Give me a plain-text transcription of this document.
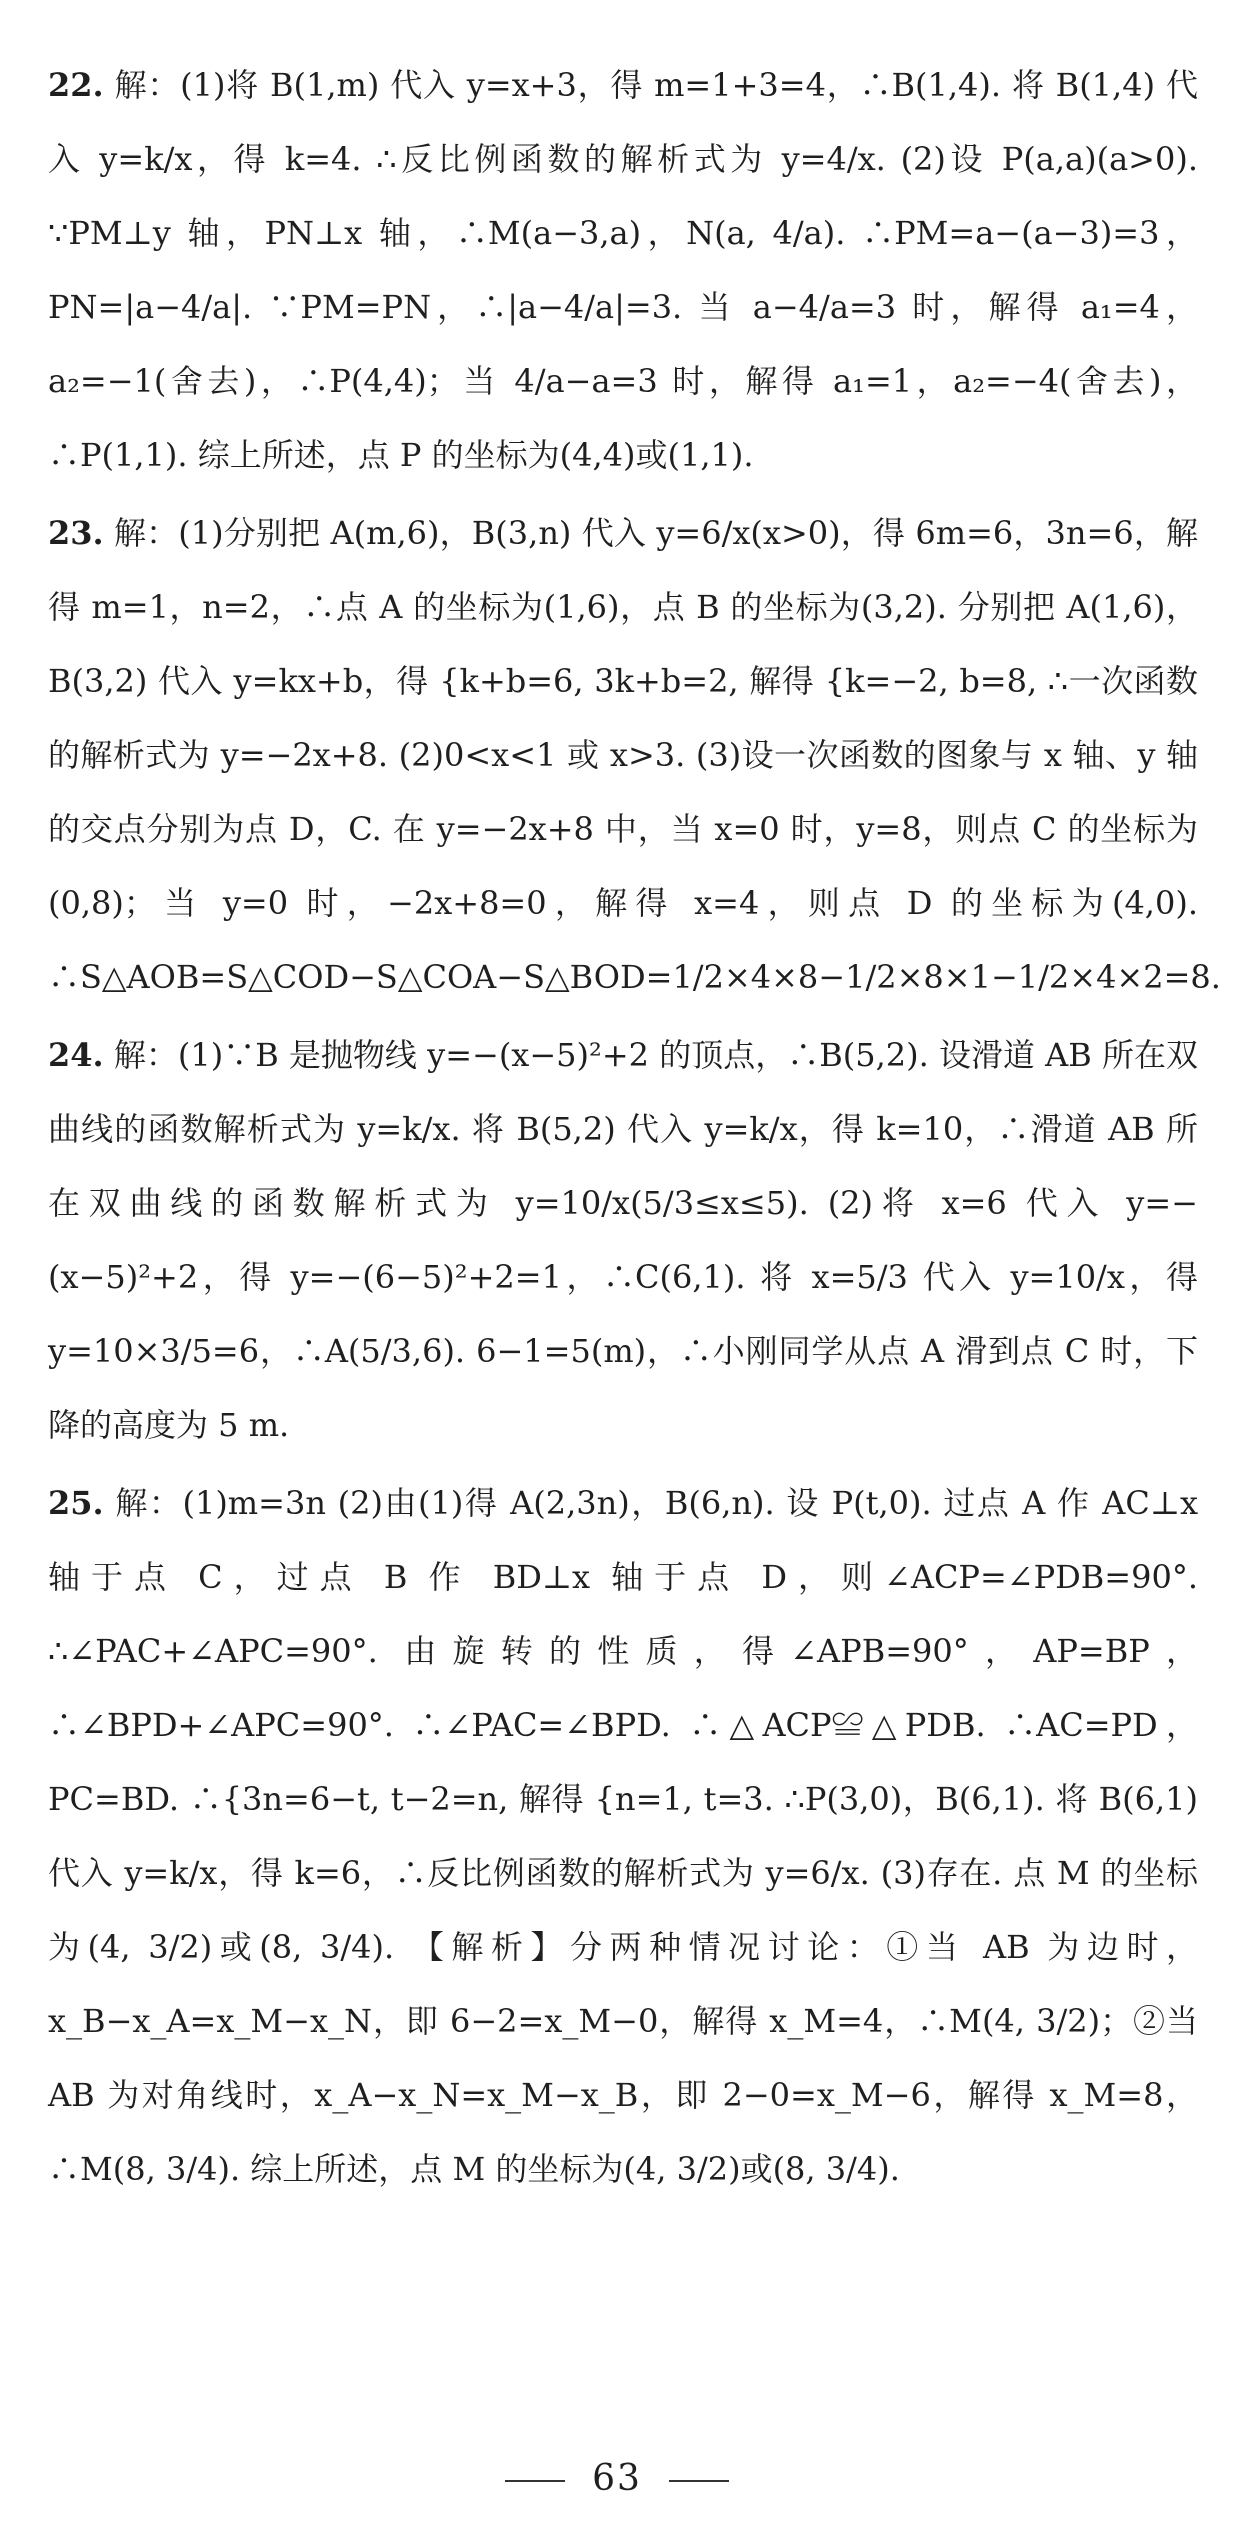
22. 解：(1)将 B(1,m) 代入 y=x+3，得 m=1+3=4，∴B(1,4). 将 B(1,4) 代入 y=k/x，得 k=4. ∴反比例函数的解析式为 y=4/x. (2)设 P(a,a)(a>0). ∵PM⊥y 轴，PN⊥x 轴，∴M(a−3,a)，N(a, 4/a). ∴PM=a−(a−3)=3，PN=|a−4/a|. ∵PM=PN，∴|a−4/a|=3. 当 a−4/a=3 时，解得 a₁=4，a₂=−1(舍去)，∴P(4,4)；当 4/a−a=3 时，解得 a₁=1，a₂=−4(舍去)，∴P(1,1). 综上所述，点 P 的坐标为(4,4)或(1,1).
23. 解：(1)分别把 A(m,6)，B(3,n) 代入 y=6/x(x>0)，得 6m=6，3n=6，解得 m=1，n=2，∴点 A 的坐标为(1,6)，点 B 的坐标为(3,2). 分别把 A(1,6)，B(3,2) 代入 y=kx+b，得 {k+b=6, 3k+b=2, 解得 {k=−2, b=8, ∴一次函数的解析式为 y=−2x+8. (2)0<x<1 或 x>3. (3)设一次函数的图象与 x 轴、y 轴的交点分别为点 D，C. 在 y=−2x+8 中，当 x=0 时，y=8，则点 C 的坐标为(0,8)；当 y=0 时，−2x+8=0，解得 x=4，则点 D 的坐标为(4,0). ∴S△AOB=S△COD−S△COA−S△BOD=1/2×4×8−1/2×8×1−1/2×4×2=8.
24. 解：(1)∵B 是抛物线 y=−(x−5)²+2 的顶点，∴B(5,2). 设滑道 AB 所在双曲线的函数解析式为 y=k/x. 将 B(5,2) 代入 y=k/x，得 k=10，∴滑道 AB 所在双曲线的函数解析式为 y=10/x(5/3≤x≤5). (2)将 x=6 代入 y=−(x−5)²+2，得 y=−(6−5)²+2=1，∴C(6,1). 将 x=5/3 代入 y=10/x，得 y=10×3/5=6，∴A(5/3,6). 6−1=5(m)，∴小刚同学从点 A 滑到点 C 时，下降的高度为 5 m.
25. 解：(1)m=3n (2)由(1)得 A(2,3n)，B(6,n). 设 P(t,0). 过点 A 作 AC⊥x 轴于点 C，过点 B 作 BD⊥x 轴于点 D，则∠ACP=∠PDB=90°. ∴∠PAC+∠APC=90°. 由旋转的性质，得∠APB=90°，AP=BP，∴∠BPD+∠APC=90°. ∴∠PAC=∠BPD. ∴△ACP≌△PDB. ∴AC=PD，PC=BD. ∴{3n=6−t, t−2=n, 解得 {n=1, t=3. ∴P(3,0)，B(6,1). 将 B(6,1) 代入 y=k/x，得 k=6，∴反比例函数的解析式为 y=6/x. (3)存在. 点 M 的坐标为(4, 3/2)或(8, 3/4). 【解析】分两种情况讨论：①当 AB 为边时，x_B−x_A=x_M−x_N，即 6−2=x_M−0，解得 x_M=4，∴M(4, 3/2)；②当 AB 为对角线时，x_A−x_N=x_M−x_B，即 2−0=x_M−6，解得 x_M=8，∴M(8, 3/4). 综上所述，点 M 的坐标为(4, 3/2)或(8, 3/4).
63
